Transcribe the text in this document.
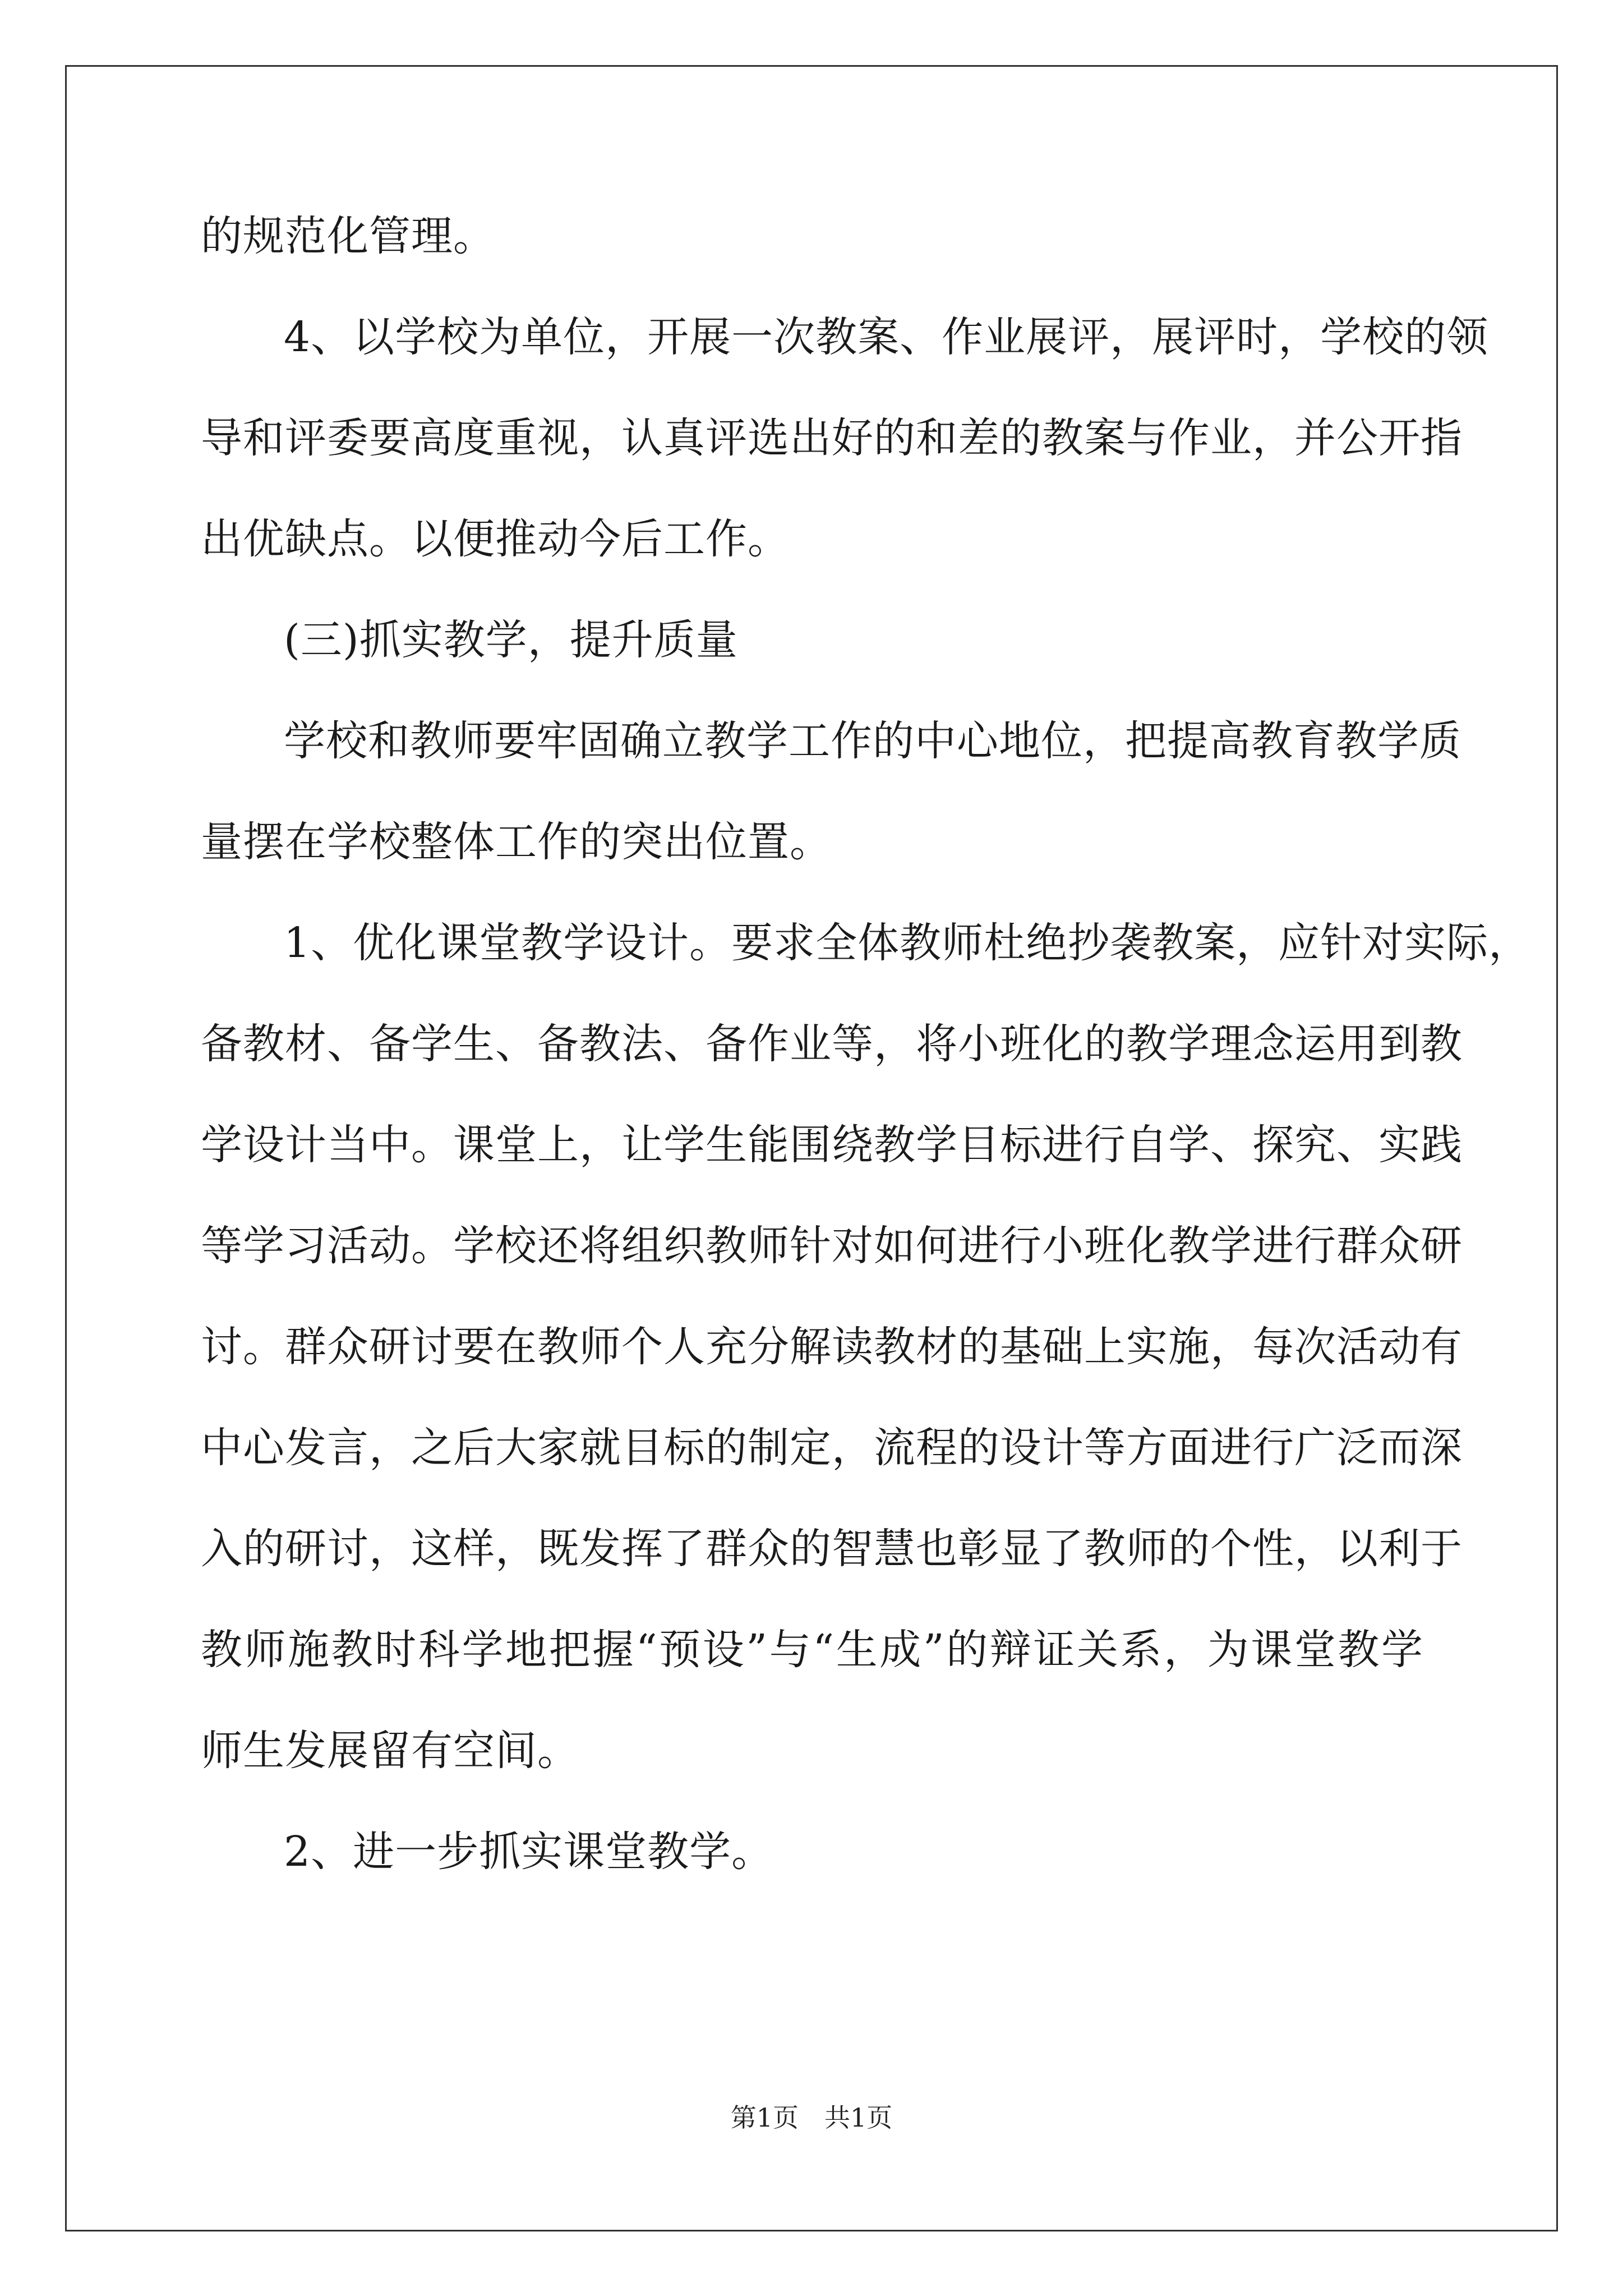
的规范化管理。
4、以学校为单位，开展一次教案、作业展评，展评时，学校的领
导和评委要高度重视，认真评选出好的和差的教案与作业，并公开指
出优缺点。以便推动今后工作。
(三)抓实教学，提升质量
学校和教师要牢固确立教学工作的中心地位，把提高教育教学质
量摆在学校整体工作的突出位置。
1、优化课堂教学设计。要求全体教师杜绝抄袭教案，应针对实际，
备教材、备学生、备教法、备作业等，将小班化的教学理念运用到教
学设计当中。课堂上，让学生能围绕教学目标进行自学、探究、实践
等学习活动。学校还将组织教师针对如何进行小班化教学进行群众研
讨。群众研讨要在教师个人充分解读教材的基础上实施，每次活动有
中心发言，之后大家就目标的制定，流程的设计等方面进行广泛而深
入的研讨，这样，既发挥了群众的智慧也彰显了教师的个性，以利于
教师施教时科学地把握“预设”与“生成”的辩证关系，为课堂教学
师生发展留有空间。
2、进一步抓实课堂教学。
第1页　共1页
